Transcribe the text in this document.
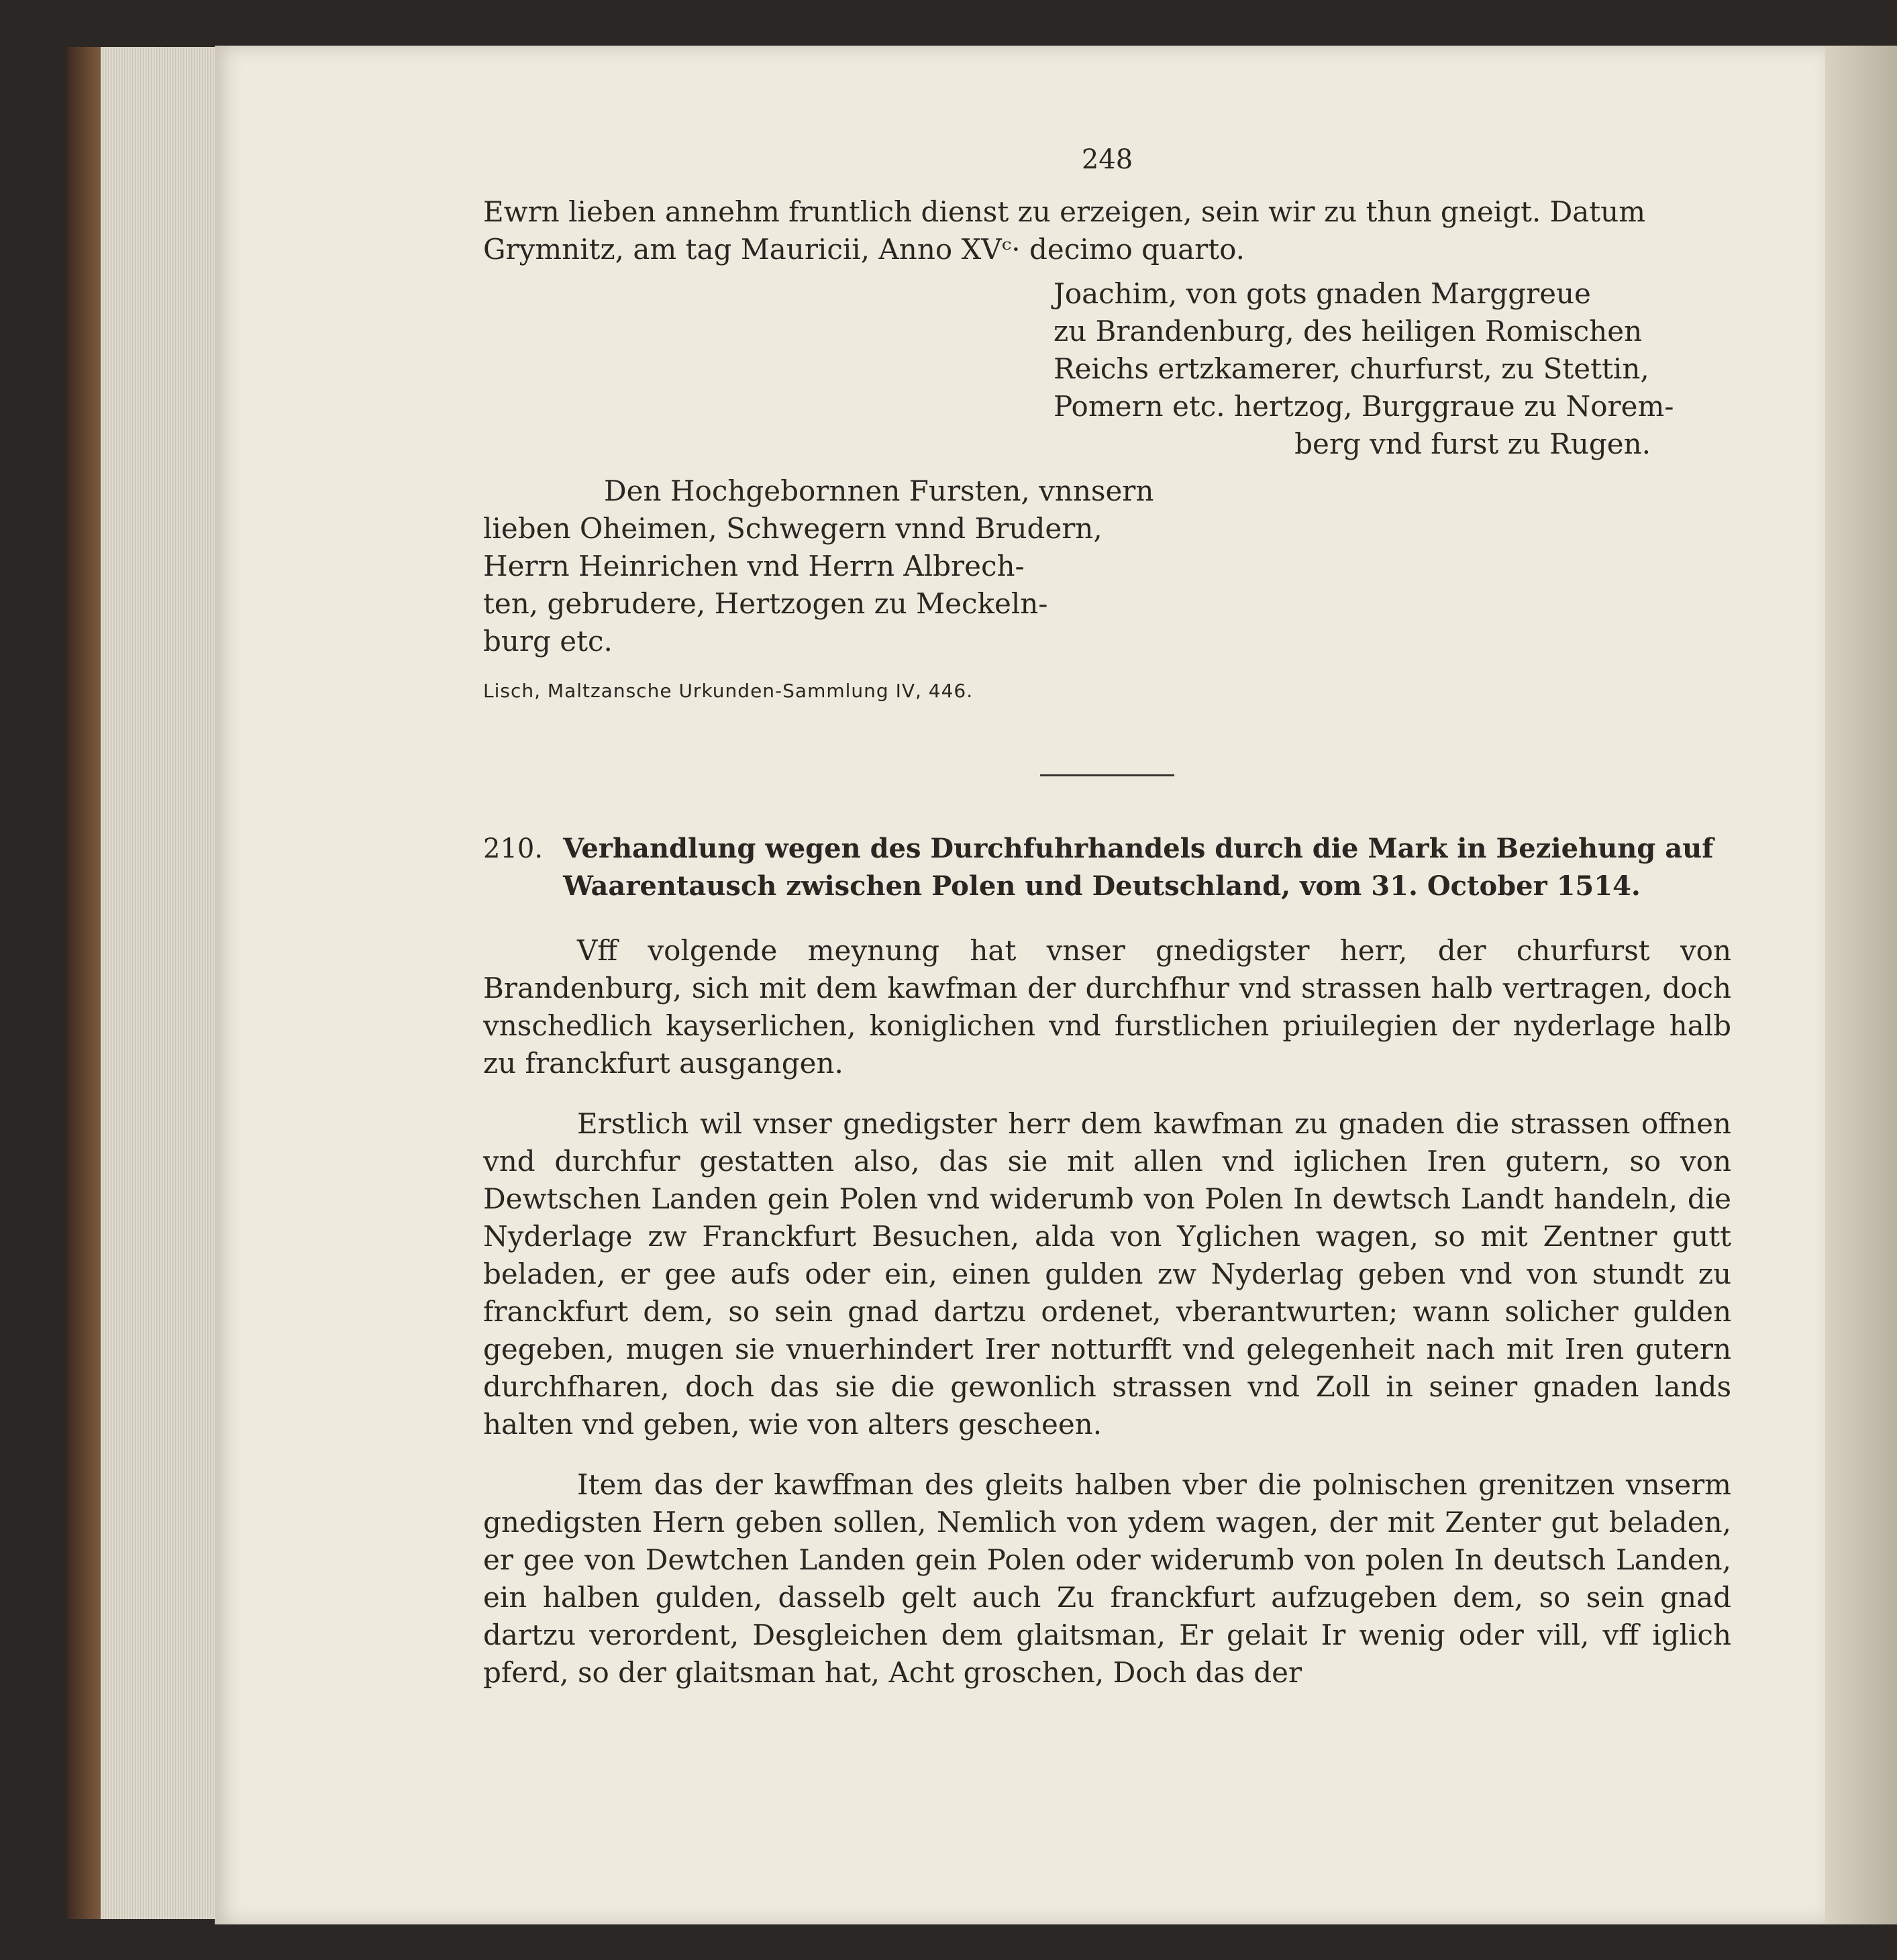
248

Ewrn lieben annehm fruntlich dienst zu erzeigen, sein wir zu thun gneigt. Datum

Grymnitz, am tag Mauricii, Anno XVᶜ· decimo quarto.

Joachim, von gots gnaden Marggreue

zu Brandenburg, des heiligen Romischen

Reichs ertzkamerer, churfurst, zu Stettin,

Pomern etc. hertzog, Burggraue zu Norem-

berg vnd furst zu Rugen.

Den Hochgebornnen Fursten, vnnsern

lieben Oheimen, Schwegern vnnd Brudern,

Herrn Heinrichen vnd Herrn Albrech-

ten, gebrudere, Hertzogen zu Meckeln-

burg etc.

Lisch, Maltzansche Urkunden-Sammlung IV, 446.

210. Verhandlung wegen des Durchfuhrhandels durch die Mark in Beziehung auf
Waarentausch zwischen Polen und Deutschland, vom 31. October 1514.

Vff volgende meynung hat vnser gnedigster herr, der churfurst von Brandenburg, sich mit dem kawfman der durchfhur vnd strassen halb vertragen, doch vnschedlich kayserlichen, koniglichen vnd furstlichen priuilegien der nyderlage halb zu franckfurt ausgangen.

Erstlich wil vnser gnedigster herr dem kawfman zu gnaden die strassen offnen vnd durchfur gestatten also, das sie mit allen vnd iglichen Iren gutern, so von Dewtschen Landen gein Polen vnd widerumb von Polen In dewtsch Landt handeln, die Nyderlage zw Franckfurt Besuchen, alda von Yglichen wagen, so mit Zentner gutt beladen, er gee aufs oder ein, einen gulden zw Nyderlag geben vnd von stundt zu franckfurt dem, so sein gnad dartzu ordenet, vberantwurten; wann solicher gulden gegeben, mugen sie vnuerhindert Irer notturfft vnd gelegenheit nach mit Iren gutern durchfharen, doch das sie die gewonlich strassen vnd Zoll in seiner gnaden lands halten vnd geben, wie von alters gescheen.

Item das der kawffman des gleits halben vber die polnischen grenitzen vnserm gnedigsten Hern geben sollen, Nemlich von ydem wagen, der mit Zenter gut beladen, er gee von Dewtchen Landen gein Polen oder widerumb von polen In deutsch Landen, ein halben gulden, dasselb gelt auch Zu franckfurt aufzugeben dem, so sein gnad dartzu verordent, Desgleichen dem glaitsman, Er gelait Ir wenig oder vill, vff iglich pferd, so der glaitsman hat, Acht groschen, Doch das der
